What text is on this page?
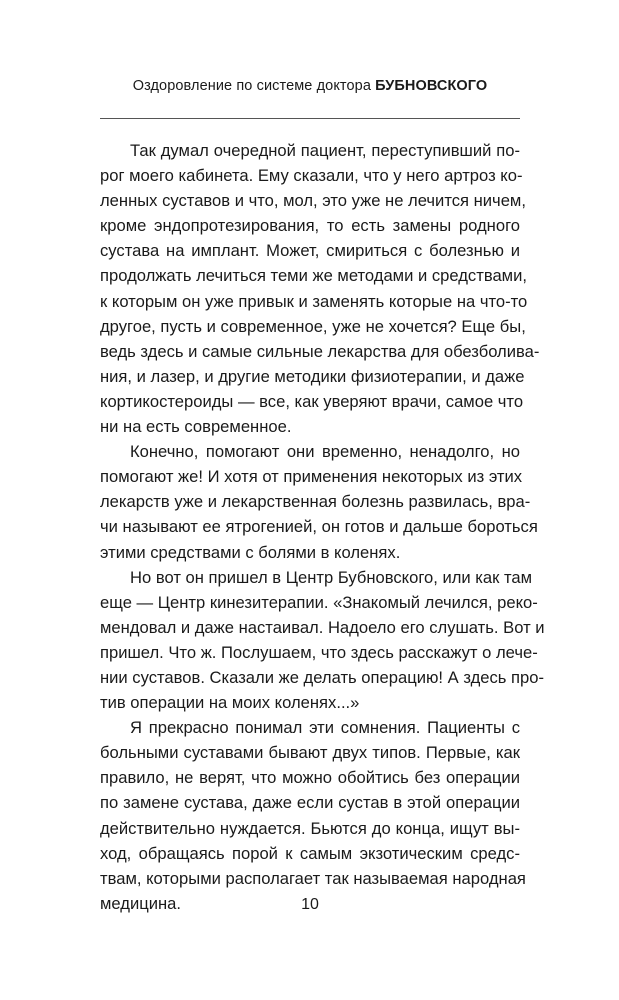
Оздоровление по системе доктора БУБНОВСКОГО

Так думал очередной пациент, переступивший по-
рог моего кабинета. Ему сказали, что у него артроз ко-
ленных суставов и что, мол, это уже не лечится ничем,
кроме эндопротезирования, то есть замены родного
сустава на имплант. Может, смириться с болезнью и
продолжать лечиться теми же методами и средствами,
к которым он уже привык и заменять которые на что-то
другое, пусть и современное, уже не хочется? Еще бы,
ведь здесь и самые сильные лекарства для обезболива-
ния, и лазер, и другие методики физиотерапии, и даже
кортикостероиды — все, как уверяют врачи, самое что
ни на есть современное.

Конечно, помогают они временно, ненадолго, но
помогают же! И хотя от применения некоторых из этих
лекарств уже и лекарственная болезнь развилась, вра-
чи называют ее ятрогенией, он готов и дальше бороться
этими средствами с болями в коленях.

Но вот он пришел в Центр Бубновского, или как там
еще — Центр кинезитерапии. «Знакомый лечился, реко-
мендовал и даже настаивал. Надоело его слушать. Вот и
пришел. Что ж. Послушаем, что здесь расскажут о лече-
нии суставов. Сказали же делать операцию! А здесь про-
тив операции на моих коленях...»

Я прекрасно понимал эти сомнения. Пациенты с
больными суставами бывают двух типов. Первые, как
правило, не верят, что можно обойтись без операции
по замене сустава, даже если сустав в этой операции
действительно нуждается. Бьются до конца, ищут вы-
ход, обращаясь порой к самым экзотическим средс-
твам, которыми располагает так называемая народная
медицина.	10
